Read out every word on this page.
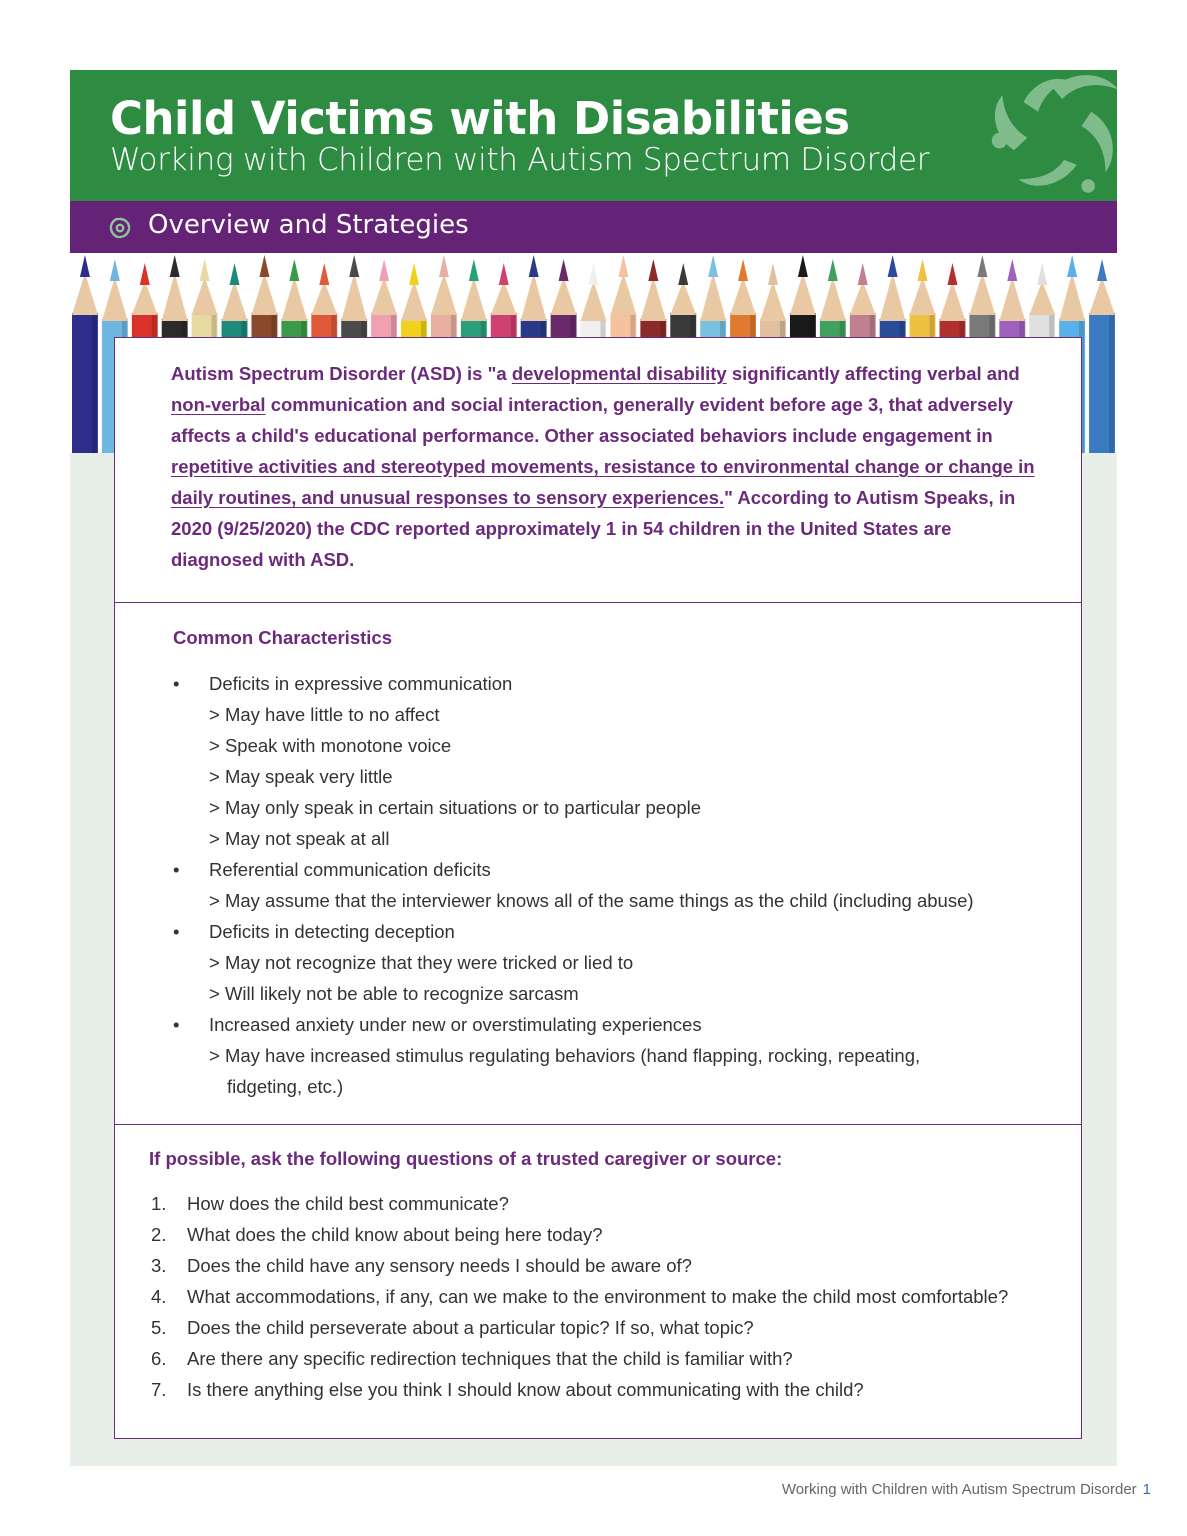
Child Victims with Disabilities
Working with Children with Autism Spectrum Disorder
Overview and Strategies
Autism Spectrum Disorder (ASD) is "a developmental disability significantly affecting verbal and non-verbal communication and social interaction, generally evident before age 3, that adversely affects a child's educational performance. Other associated behaviors include engagement in repetitive activities and stereotyped movements, resistance to environmental change or change in daily routines, and unusual responses to sensory experiences." According to Autism Speaks, in 2020 (9/25/2020) the CDC reported approximately 1 in 54 children in the United States are diagnosed with ASD.
Common Characteristics
• Deficits in expressive communication
> May have little to no affect
> Speak with monotone voice
> May speak very little
> May only speak in certain situations or to particular people
> May not speak at all
• Referential communication deficits
> May assume that the interviewer knows all of the same things as the child (including abuse)
• Deficits in detecting deception
> May not recognize that they were tricked or lied to
> Will likely not be able to recognize sarcasm
• Increased anxiety under new or overstimulating experiences
> May have increased stimulus regulating behaviors (hand flapping, rocking, repeating,
fidgeting, etc.)
If possible, ask the following questions of a trusted caregiver or source:
1. How does the child best communicate?
2. What does the child know about being here today?
3. Does the child have any sensory needs I should be aware of?
4. What accommodations, if any, can we make to the environment to make the child most comfortable?
5. Does the child perseverate about a particular topic? If so, what topic?
6. Are there any specific redirection techniques that the child is familiar with?
7. Is there anything else you think I should know about communicating with the child?
Working with Children with Autism Spectrum Disorder 1
